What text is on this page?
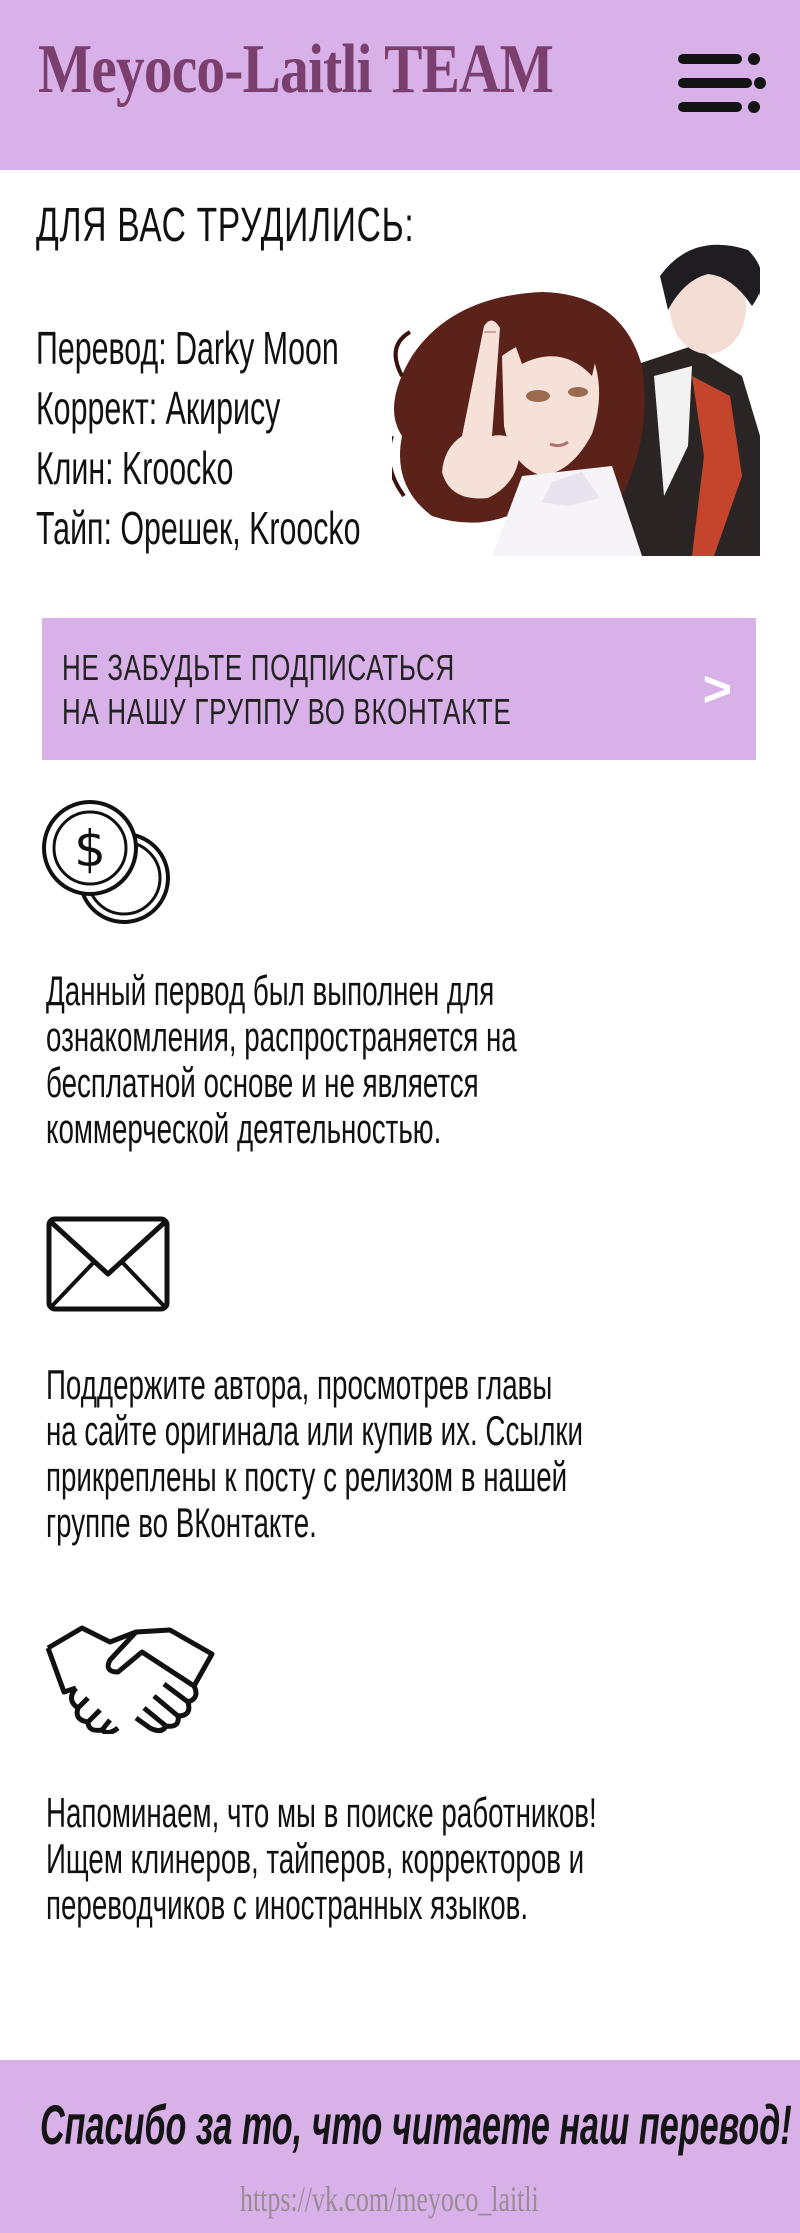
Meyoco-Laitli TEAM
ДЛЯ ВАС ТРУДИЛИСЬ:
Перевод: Darky Moon
Коррект: Акирису
Клин: Kroocko
Тайп: Орешек, Kroocko
НЕ ЗАБУДЬТЕ ПОДПИСАТЬСЯ
НА НАШУ ГРУППУ ВО ВКОНТАКТЕ	>
$

Данный первод был выполнен для
ознакомления, распространяется на
бесплатной основе и не является
коммерческой деятельностью.

Поддержите автора, просмотрев главы
на сайте оригинала или купив их. Ссылки
прикреплены к посту с релизом в нашей
группе во ВКонтакте.

Напоминаем, что мы в поиске работников!
Ищем клинеров, тайперов, корректоров и
переводчиков с иностранных языков.

Спасибо за то, что читаете наш перевод!
https://vk.com/meyoco_laitli
